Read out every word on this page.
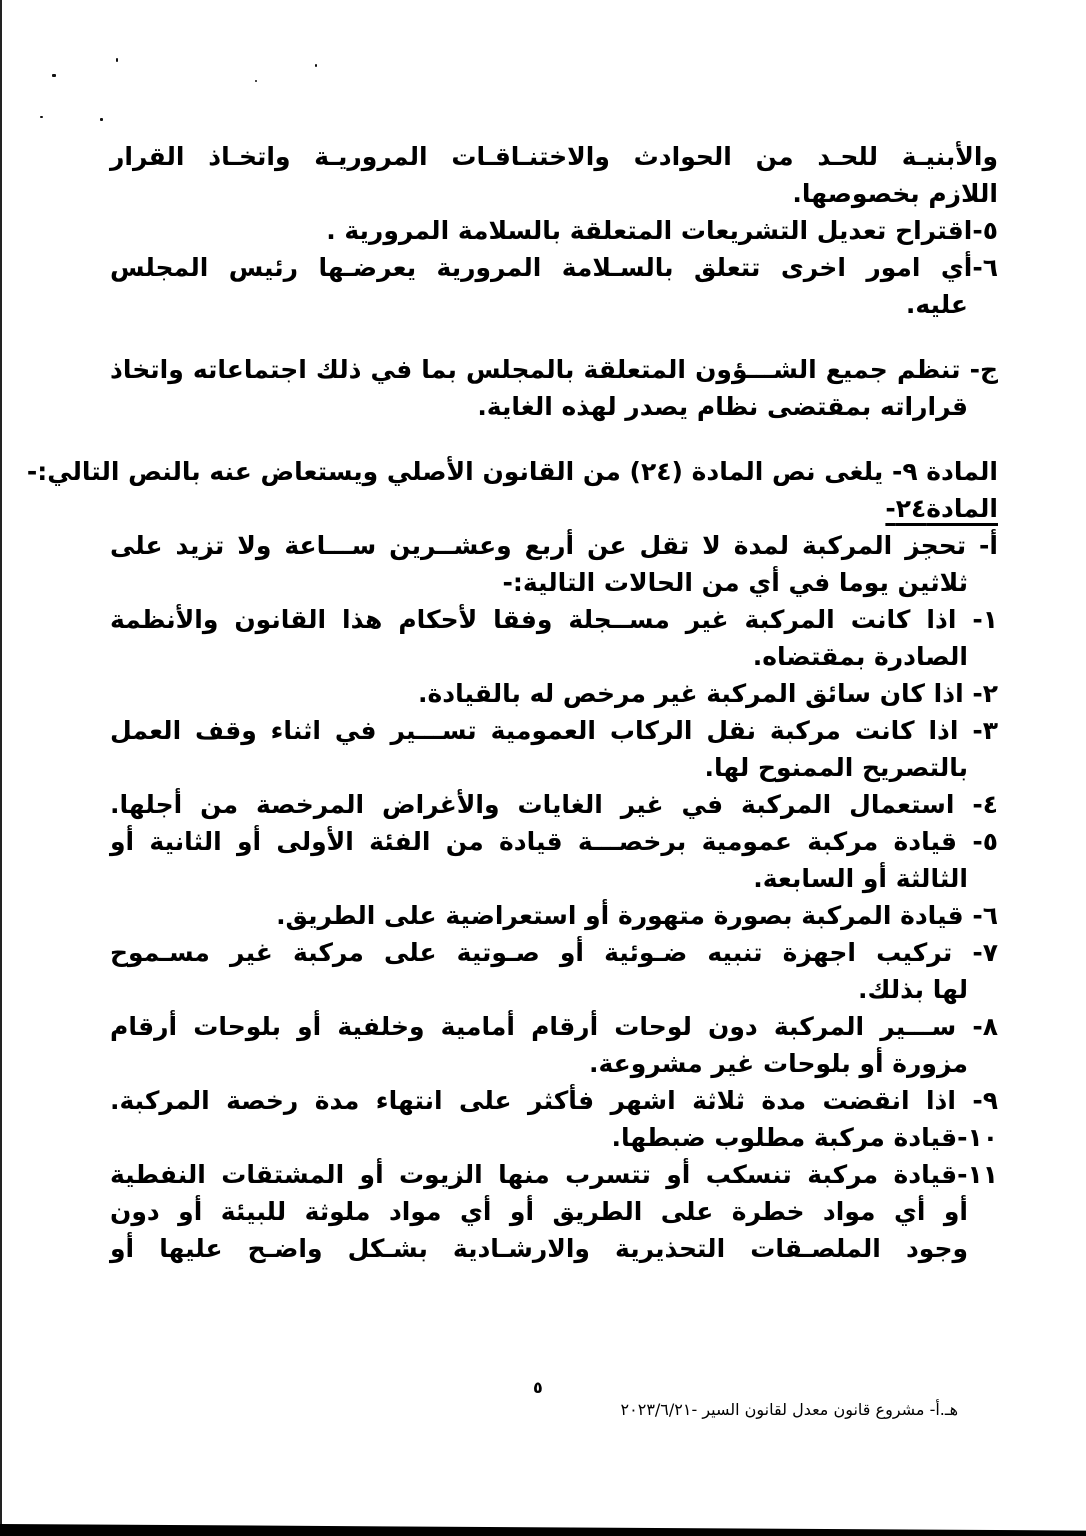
والأبنيـة للحـد من الحوادث والاختنـاقـات المروريـة واتخـاذ القرار
اللازم بخصوصها.
٥-اقتراح تعديل التشريعات المتعلقة بالسلامة المرورية .
٦-أي امور اخرى تتعلق بالسـلامة المرورية يعرضـها رئيس المجلس
عليه.
ج- تنظم جميع الشـــؤون المتعلقة بالمجلس بما في ذلك اجتماعاته واتخاذ
قراراته بمقتضى نظام يصدر لهذه الغاية.
المادة ٩- يلغى نص المادة (٢٤) من القانون الأصلي ويستعاض عنه بالنص التالي:-
المادة٢٤-
أ- تحجز المركبة لمدة لا تقل عن أربع وعشــرين ســـاعة ولا تزيد على
ثلاثين يوما في أي من الحالات التالية:-
١- اذا كانت المركبة غير مســجلة وفقا لأحكام هذا القانون والأنظمة
الصادرة بمقتضاه.
٢- اذا كان سائق المركبة غير مرخص له بالقيادة.
٣- اذا كانت مركبة نقل الركاب العمومية تســـير في اثناء وقف العمل
بالتصريح الممنوح لها.
٤- استعمال المركبة في غير الغايات والأغراض المرخصة من أجلها.
٥- قيادة مركبة عمومية برخصـــة قيادة من الفئة الأولى أو الثانية أو
الثالثة أو السابعة.
٦- قيادة المركبة بصورة متهورة أو استعراضية على الطريق.
٧- تركيب اجهزة تنبيه ضـوئية أو صـوتية على مركبة غير مسـموح
لها بذلك.
٨- ســـير المركبة دون لوحات أرقام أمامية وخلفية أو بلوحات أرقام
مزورة أو بلوحات غير مشروعة.
٩- اذا انقضت مدة ثلاثة اشهر فأكثر على انتهاء مدة رخصة المركبة.
١٠-قيادة مركبة مطلوب ضبطها.
١١-قيادة مركبة تنسكب أو تتسرب منها الزيوت أو المشتقات النفطية
أو أي مواد خطرة على الطريق أو أي مواد ملوثة للبيئة أو دون
وجود الملصـقات التحذيرية والارشـادية بشـكل واضـح عليها أو
٥
هـ.أ- مشروع قانون معدل لقانون السير -٢٠٢٣/٦/٢١
